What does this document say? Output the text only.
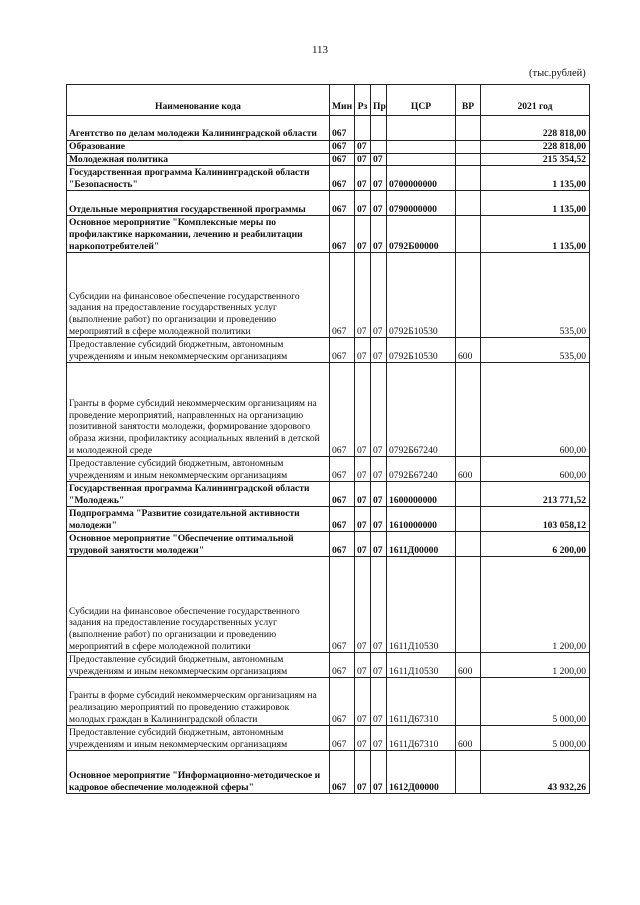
113
(тыс.рублей)
Наименование кода	Мин	Рз	Пр	ЦСР	ВР	2021 год
Агентство по делам молодежи Калининградской области	067					228 818,00
Образование	067	07				228 818,00
Молодежная политика	067	07	07			215 354,52
Государственная программа Калининградской области "Безопасность"	067	07	07	0700000000		1 135,00
Отдельные мероприятия государственной программы	067	07	07	0790000000		1 135,00
Основное мероприятие "Комплексные меры по профилактике наркомании, лечению и реабилитации наркопотребителей"	067	07	07	0792Б00000		1 135,00
Субсидии на финансовое обеспечение государственного задания на предоставление государственных услуг (выполнение работ) по организации и проведению мероприятий в сфере молодежной политики	067	07	07	0792Б10530		535,00
Предоставление субсидий бюджетным, автономным учреждениям и иным некоммерческим организациям	067	07	07	0792Б10530	600	535,00
Гранты в форме субсидий некоммерческим организациям на проведение мероприятий, направленных на организацию позитивной занятости молодежи, формирование здорового образа жизни, профилактику асоциальных явлений в детской и молодежной среде	067	07	07	0792Б67240		600,00
Предоставление субсидий бюджетным, автономным учреждениям и иным некоммерческим организациям	067	07	07	0792Б67240	600	600,00
Государственная программа Калининградской области "Молодежь"	067	07	07	1600000000		213 771,52
Подпрограмма "Развитие созидательной активности молодежи"	067	07	07	1610000000		103 058,12
Основное мероприятие "Обеспечение оптимальной трудовой занятости молодежи"	067	07	07	1611Д00000		6 200,00
Субсидии на финансовое обеспечение государственного задания на предоставление государственных услуг (выполнение работ) по организации и проведению мероприятий в сфере молодежной политики	067	07	07	1611Д10530		1 200,00
Предоставление субсидий бюджетным, автономным учреждениям и иным некоммерческим организациям	067	07	07	1611Д10530	600	1 200,00
Гранты в форме субсидий некоммерческим организациям на реализацию мероприятий по проведению стажировок молодых граждан в Калининградской области	067	07	07	1611Д67310		5 000,00
Предоставление субсидий бюджетным, автономным учреждениям и иным некоммерческим организациям	067	07	07	1611Д67310	600	5 000,00
Основное мероприятие "Информационно-методическое и кадровое обеспечение молодежной сферы"	067	07	07	1612Д00000		43 932,26
